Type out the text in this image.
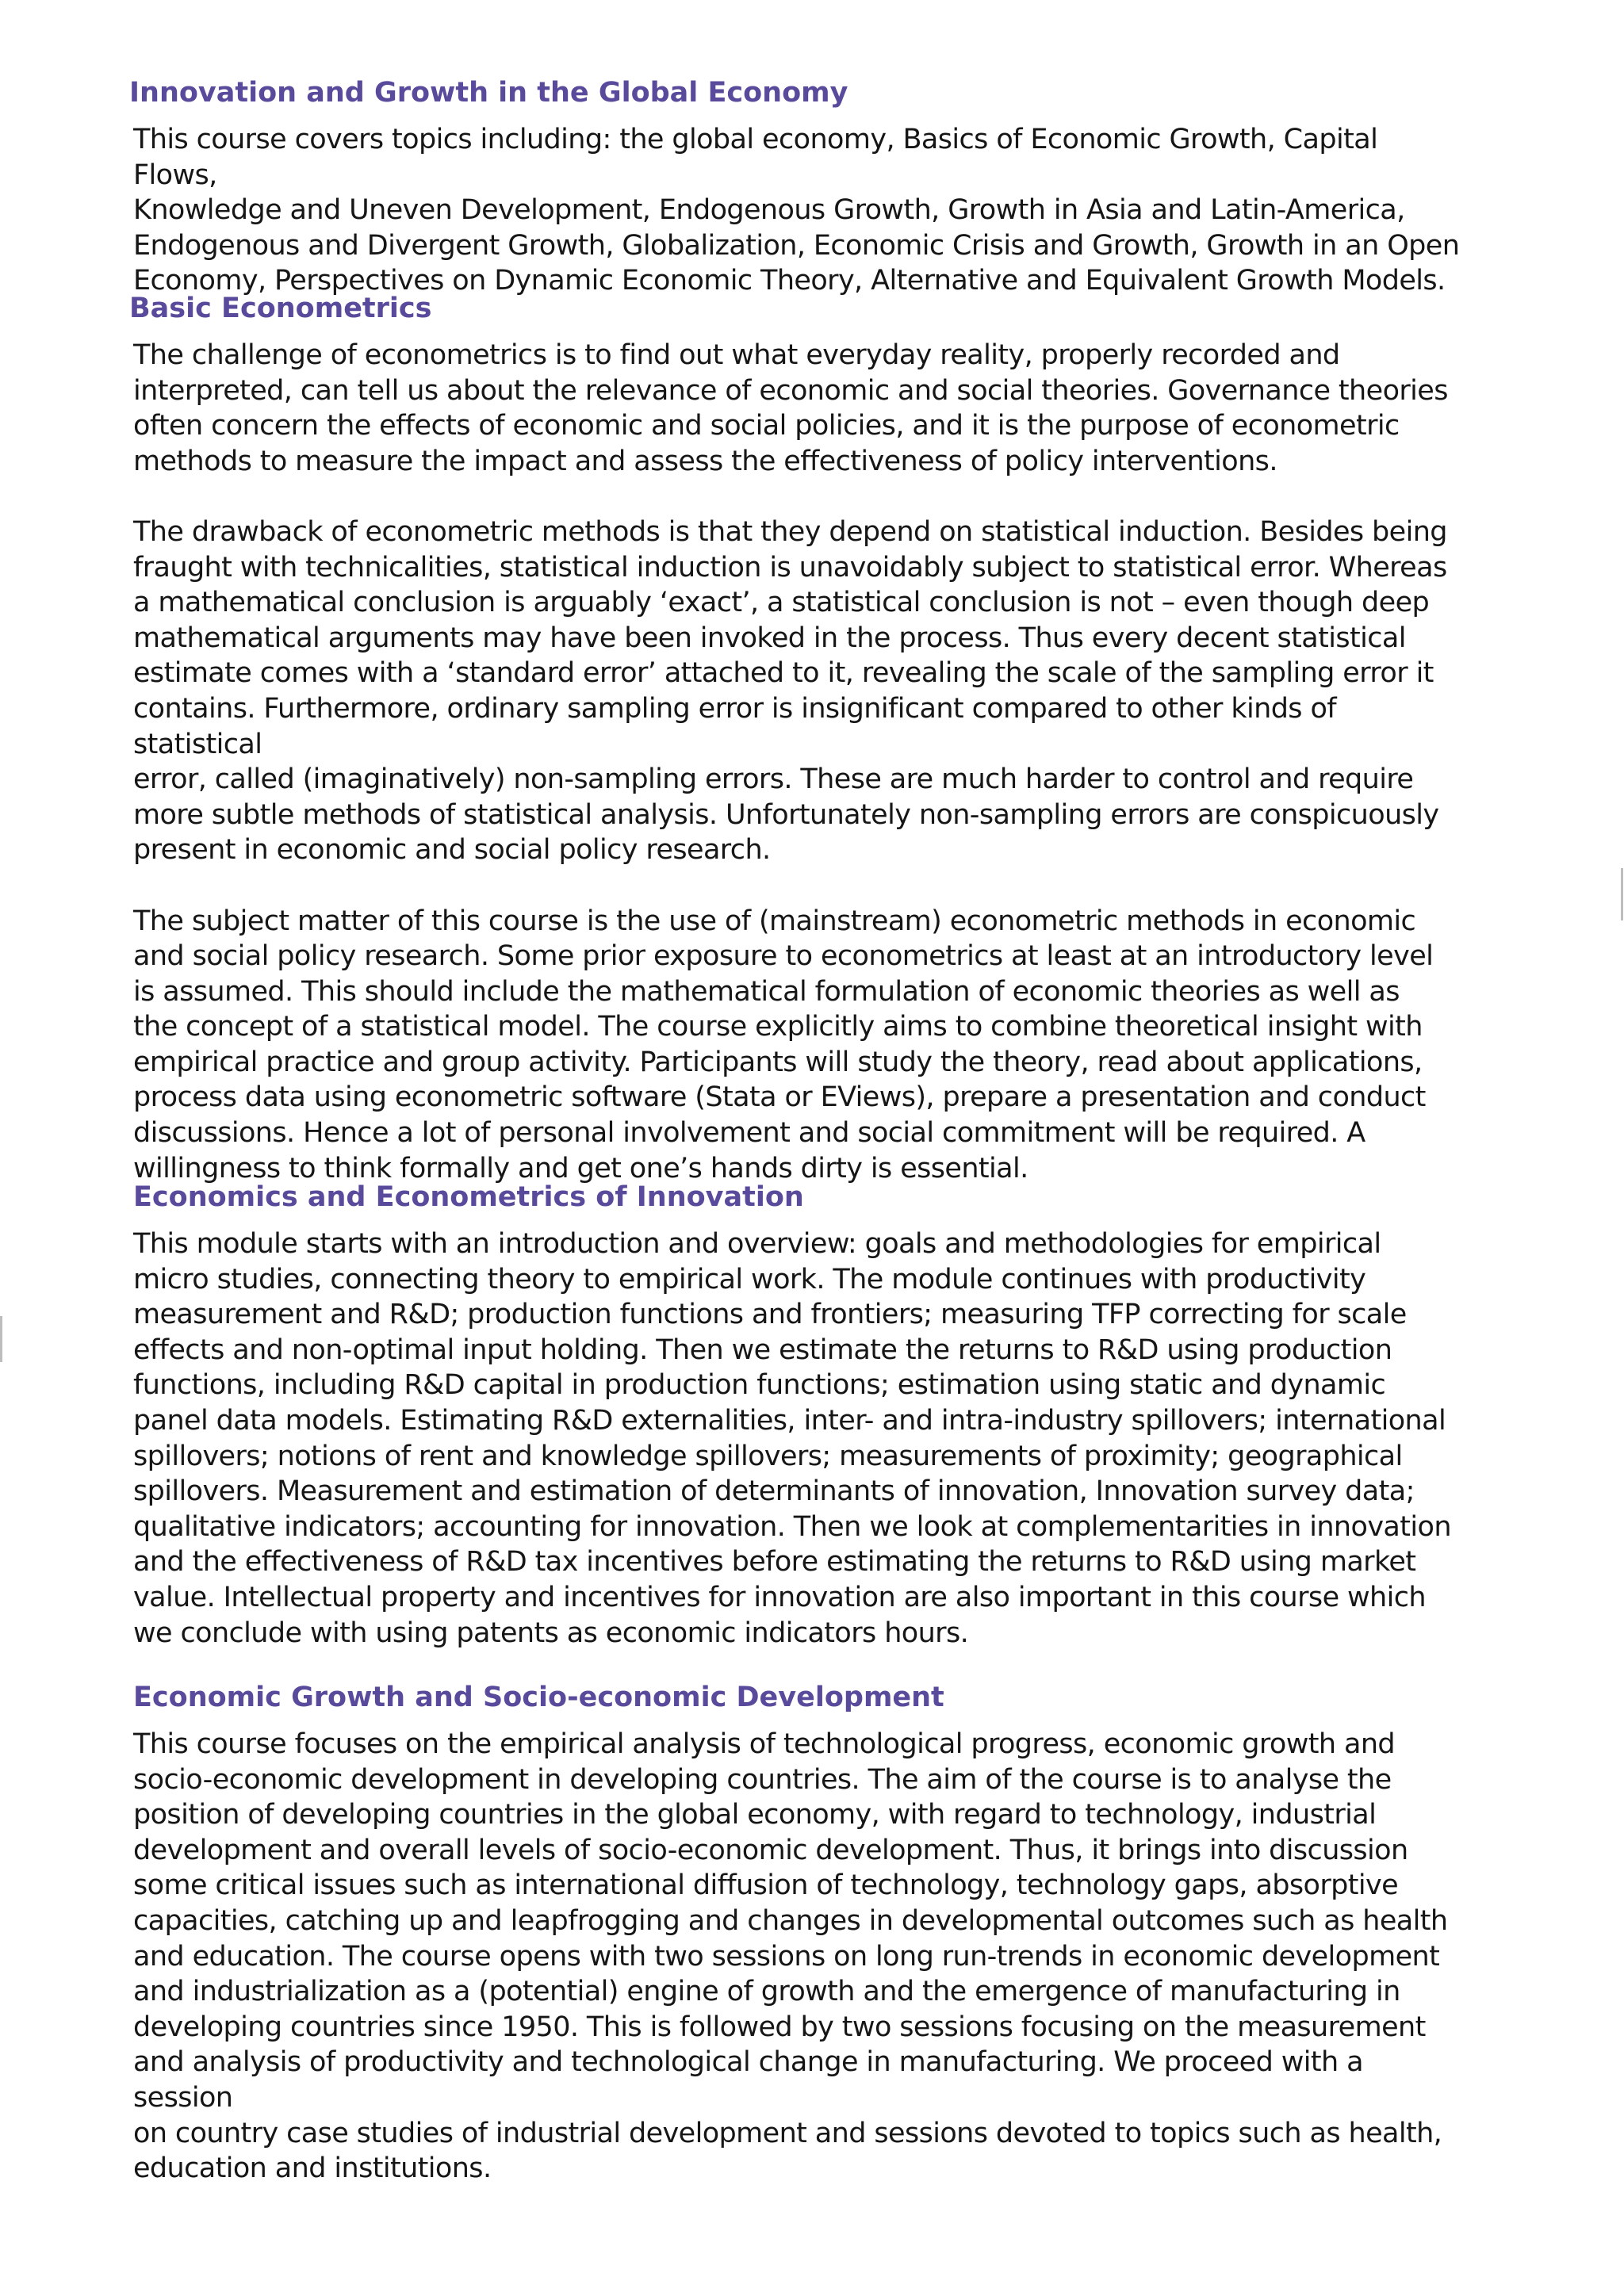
Innovation and Growth in the Global Economy

This course covers topics including: the global economy, Basics of Economic Growth, Capital Flows,
Knowledge and Uneven Development, Endogenous Growth, Growth in Asia and Latin-America,
Endogenous and Divergent Growth, Globalization, Economic Crisis and Growth, Growth in an Open
Economy, Perspectives on Dynamic Economic Theory, Alternative and Equivalent Growth Models.

Basic Econometrics

The challenge of econometrics is to find out what everyday reality, properly recorded and
interpreted, can tell us about the relevance of economic and social theories. Governance theories
often concern the effects of economic and social policies, and it is the purpose of econometric
methods to measure the impact and assess the effectiveness of policy interventions.

The drawback of econometric methods is that they depend on statistical induction. Besides being
fraught with technicalities, statistical induction is unavoidably subject to statistical error. Whereas
a mathematical conclusion is arguably ‘exact’, a statistical conclusion is not – even though deep
mathematical arguments may have been invoked in the process. Thus every decent statistical
estimate comes with a ‘standard error’ attached to it, revealing the scale of the sampling error it
contains. Furthermore, ordinary sampling error is insignificant compared to other kinds of statistical
error, called (imaginatively) non-sampling errors. These are much harder to control and require
more subtle methods of statistical analysis. Unfortunately non-sampling errors are conspicuously
present in economic and social policy research.

The subject matter of this course is the use of (mainstream) econometric methods in economic
and social policy research. Some prior exposure to econometrics at least at an introductory level
is assumed. This should include the mathematical formulation of economic theories as well as
the concept of a statistical model. The course explicitly aims to combine theoretical insight with
empirical practice and group activity. Participants will study the theory, read about applications,
process data using econometric software (Stata or EViews), prepare a presentation and conduct
discussions. Hence a lot of personal involvement and social commitment will be required. A
willingness to think formally and get one’s hands dirty is essential.

Economics and Econometrics of Innovation

This module starts with an introduction and overview: goals and methodologies for empirical
micro studies, connecting theory to empirical work. The module continues with productivity
measurement and R&D; production functions and frontiers; measuring TFP correcting for scale
effects and non-optimal input holding. Then we estimate the returns to R&D using production
functions, including R&D capital in production functions; estimation using static and dynamic
panel data models. Estimating R&D externalities, inter- and intra-industry spillovers; international
spillovers; notions of rent and knowledge spillovers; measurements of proximity; geographical
spillovers. Measurement and estimation of determinants of innovation, Innovation survey data;
qualitative indicators; accounting for innovation. Then we look at complementarities in innovation
and the effectiveness of R&D tax incentives before estimating the returns to R&D using market
value. Intellectual property and incentives for innovation are also important in this course which
we conclude with using patents as economic indicators hours.

Economic Growth and Socio-economic Development

This course focuses on the empirical analysis of technological progress, economic growth and
socio-economic development in developing countries. The aim of the course is to analyse the
position of developing countries in the global economy, with regard to technology, industrial
development and overall levels of socio-economic development. Thus, it brings into discussion
some critical issues such as international diffusion of technology, technology gaps, absorptive
capacities, catching up and leapfrogging and changes in developmental outcomes such as health
and education. The course opens with two sessions on long run-trends in economic development
and industrialization as a (potential) engine of growth and the emergence of manufacturing in
developing countries since 1950. This is followed by two sessions focusing on the measurement
and analysis of productivity and technological change in manufacturing. We proceed with a session
on country case studies of industrial development and sessions devoted to topics such as health,
education and institutions.
